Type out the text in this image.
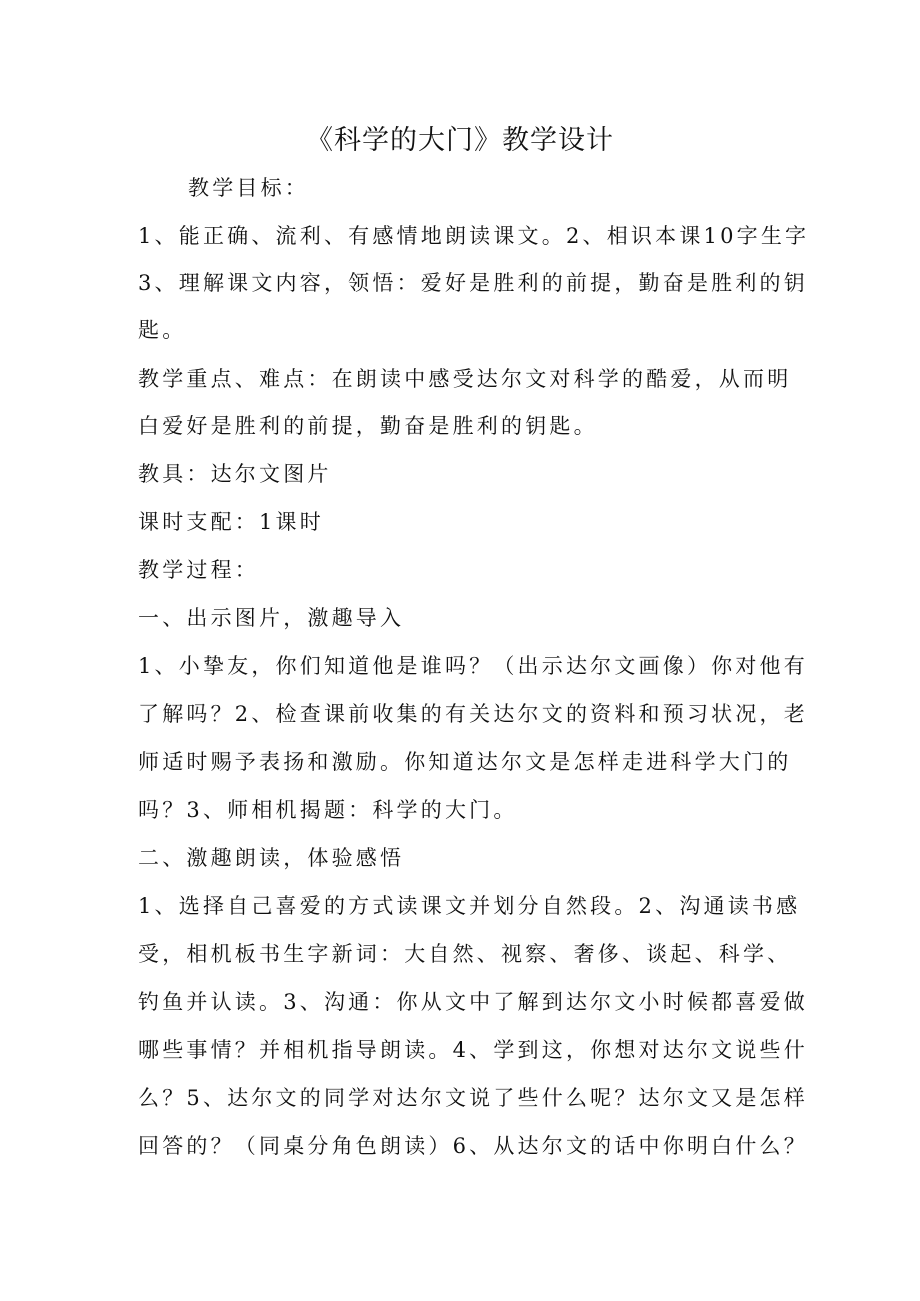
《科学的大门》教学设计
教学目标：
1、能正确、流利、有感情地朗读课文。2、相识本课10字生字
3、理解课文内容，领悟：爱好是胜利的前提，勤奋是胜利的钥
匙。
教学重点、难点：在朗读中感受达尔文对科学的酷爱，从而明
白爱好是胜利的前提，勤奋是胜利的钥匙。
教具：达尔文图片
课时支配：1课时
教学过程：
一、出示图片，激趣导入
1、小挚友，你们知道他是谁吗？（出示达尔文画像）你对他有
了解吗？2、检查课前收集的有关达尔文的资料和预习状况，老
师适时赐予表扬和激励。你知道达尔文是怎样走进科学大门的
吗？3、师相机揭题：科学的大门。
二、激趣朗读，体验感悟
1、选择自己喜爱的方式读课文并划分自然段。2、沟通读书感
受，相机板书生字新词：大自然、视察、奢侈、谈起、科学、
钓鱼并认读。3、沟通：你从文中了解到达尔文小时候都喜爱做
哪些事情？并相机指导朗读。4、学到这，你想对达尔文说些什
么？5、达尔文的同学对达尔文说了些什么呢？达尔文又是怎样
回答的？（同桌分角色朗读）6、从达尔文的话中你明白什么？
